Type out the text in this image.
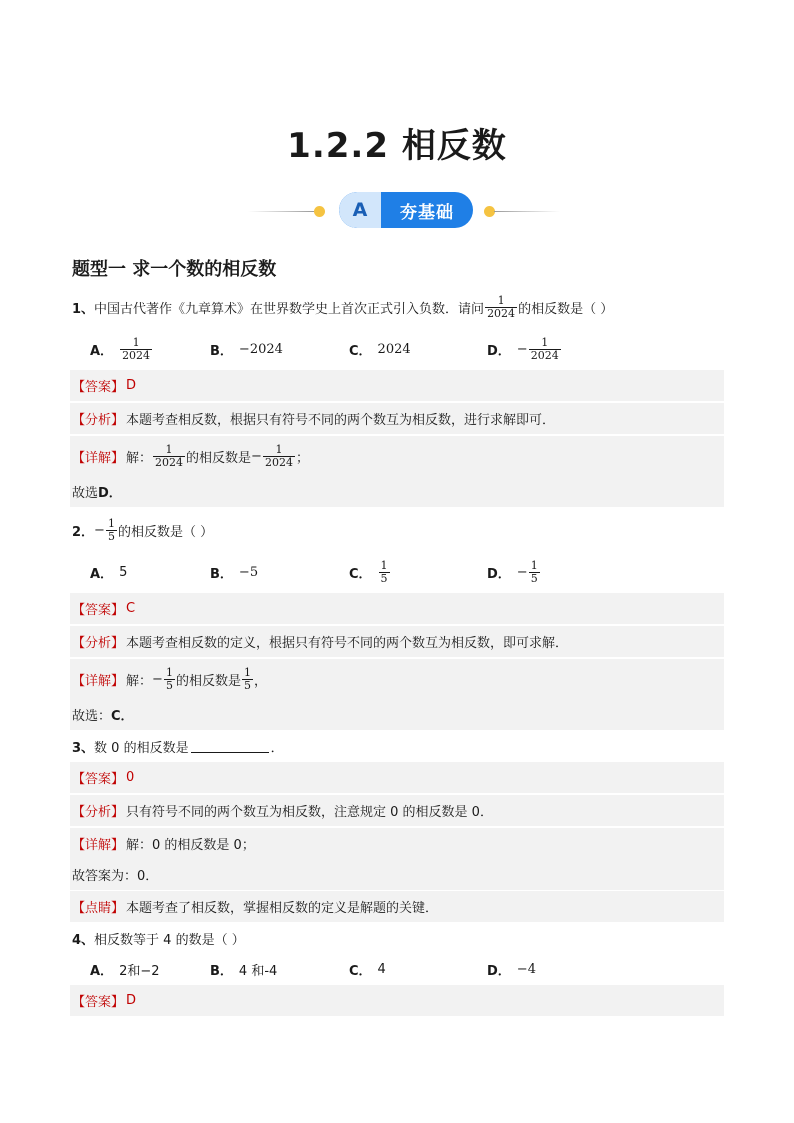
1.2.2 相反数
A	夯基础
题型一 求一个数的相反数
1、 中国古代著作《九章算术》在世界数学史上首次正式引入负数．请问 $\frac{1}{2024}$ 的相反数是（ ）
A． $\frac{1}{2024}$	B． −2024	C． 2024	D． − $\frac{1}{2024}$
【答案】 D
【分析】 本题考查相反数，根据只有符号不同的两个数互为相反数，进行求解即可．
【详解】 解： $\frac{1}{2024}$ 的相反数是 − $\frac{1}{2024}$ ；
故选 D．
2． − $\frac{1}{5}$ 的相反数是（ ）
A． 5	B． −5	C． $\frac{1}{5}$	D． − $\frac{1}{5}$
【答案】 C
【分析】 本题考查相反数的定义，根据只有符号不同的两个数互为相反数，即可求解．
【详解】 解： − $\frac{1}{5}$ 的相反数是 $\frac{1}{5}$ ，
故选： C．
3、 数 0 的相反数是	．
【答案】 0
【分析】 只有符号不同的两个数互为相反数，注意规定 0 的相反数是 0．
【详解】 解：0 的相反数是 0；
故答案为：0．
【点睛】 本题考查了相反数，掌握相反数的定义是解题的关键．
4、 相反数等于 4 的数是（ ）
A． 2和−2	B． 4 和-4	C． 4	D． −4
【答案】 D
